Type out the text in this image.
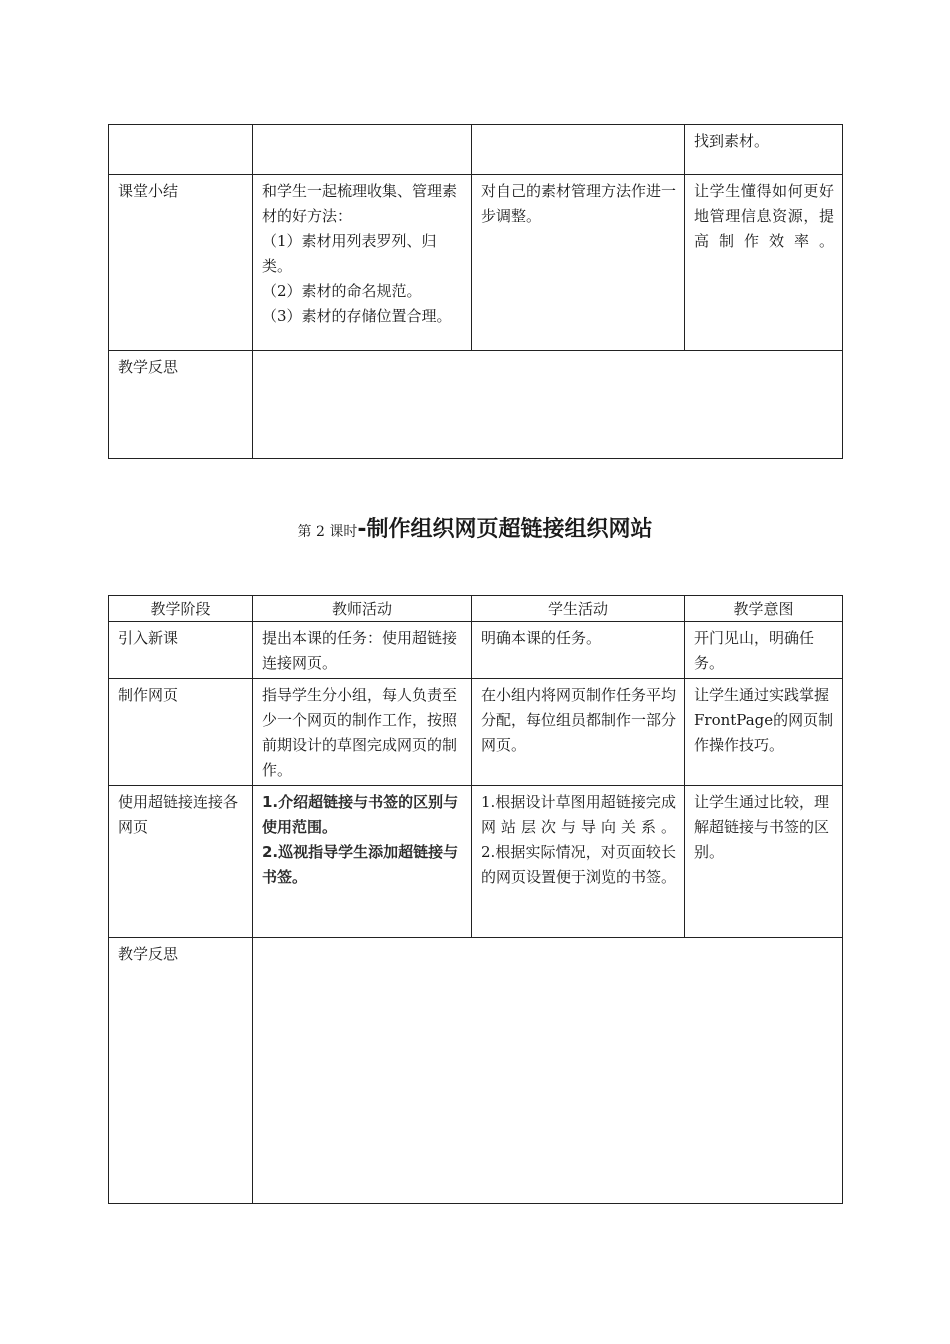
			找到素材。
课堂小结	和学生一起梳理收集、管理素材的好方法：
（1）素材用列表罗列、归类。
（2）素材的命名规范。
（3）素材的存储位置合理。	对自己的素材管理方法作进一步调整。	让学生懂得如何更好地管理信息资源，提高制作效率。
教学反思			
第 2 课时-制作组织网页超链接组织网站
教学阶段	教师活动	学生活动	教学意图
引入新课	提出本课的任务：使用超链接连接网页。	明确本课的任务。	开门见山，明确任务。
制作网页	指导学生分小组，每人负责至少一个网页的制作工作，按照前期设计的草图完成网页的制作。	在小组内将网页制作任务平均分配，每位组员都制作一部分网页。	让学生通过实践掌握FrontPage的网页制作操作技巧。
使用超链接连接各网页	1.介绍超链接与书签的区别与使用范围。
2.巡视指导学生添加超链接与书签。	1.根据设计草图用超链接完成网站层次与导向关系。
2.根据实际情况，对页面较长的网页设置便于浏览的书签。	让学生通过比较，理解超链接与书签的区别。
教学反思			
